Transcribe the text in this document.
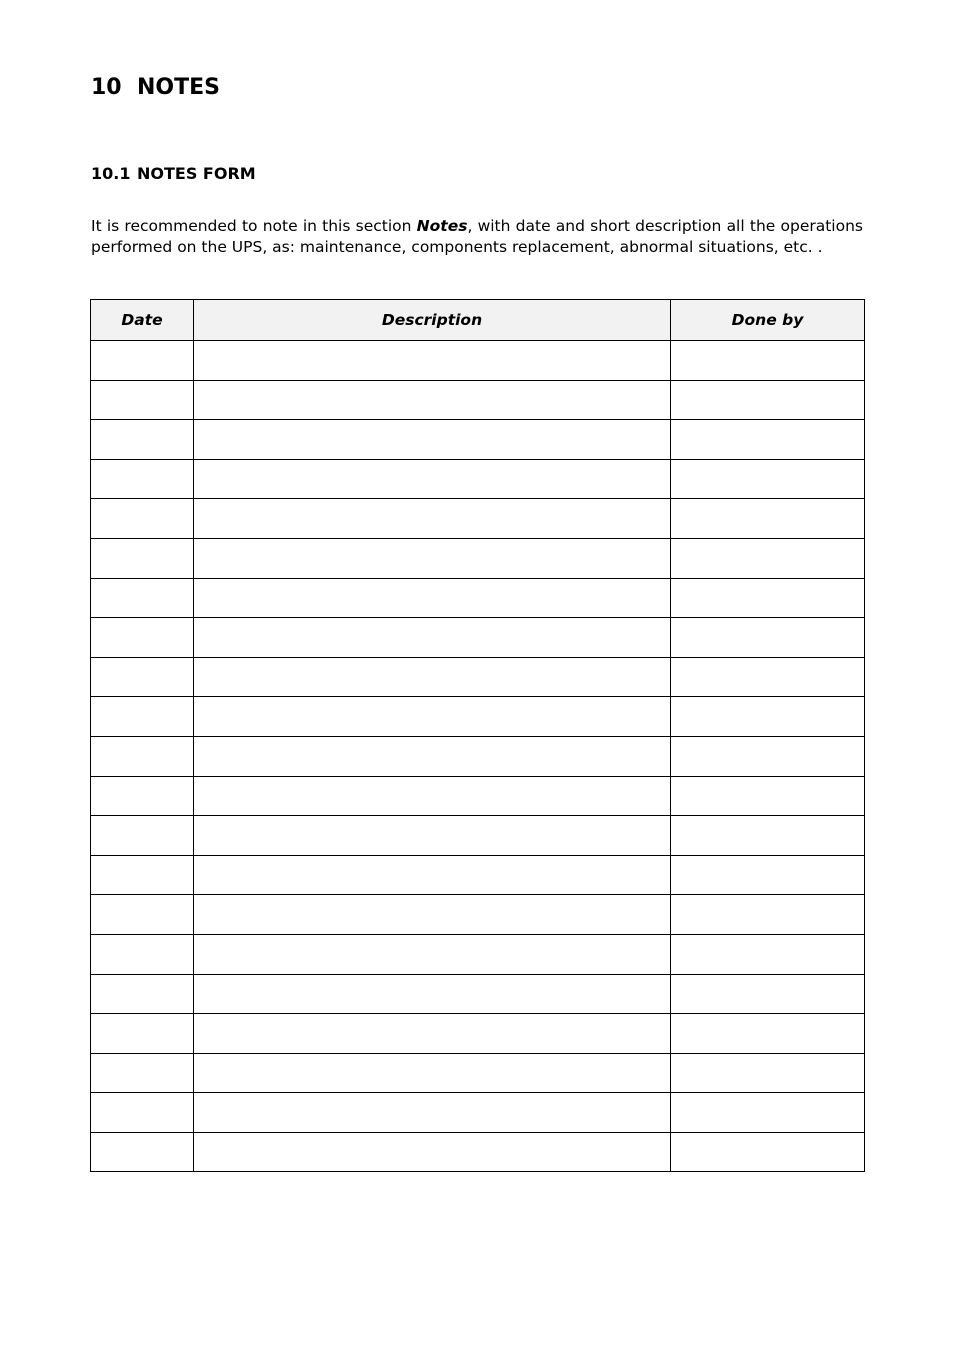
10 NOTES
10.1 NOTES FORM
It is recommended to note in this section Notes, with date and short description all the operations
performed on the UPS, as: maintenance, components replacement, abnormal situations, etc. .
Date	Description	Done by
